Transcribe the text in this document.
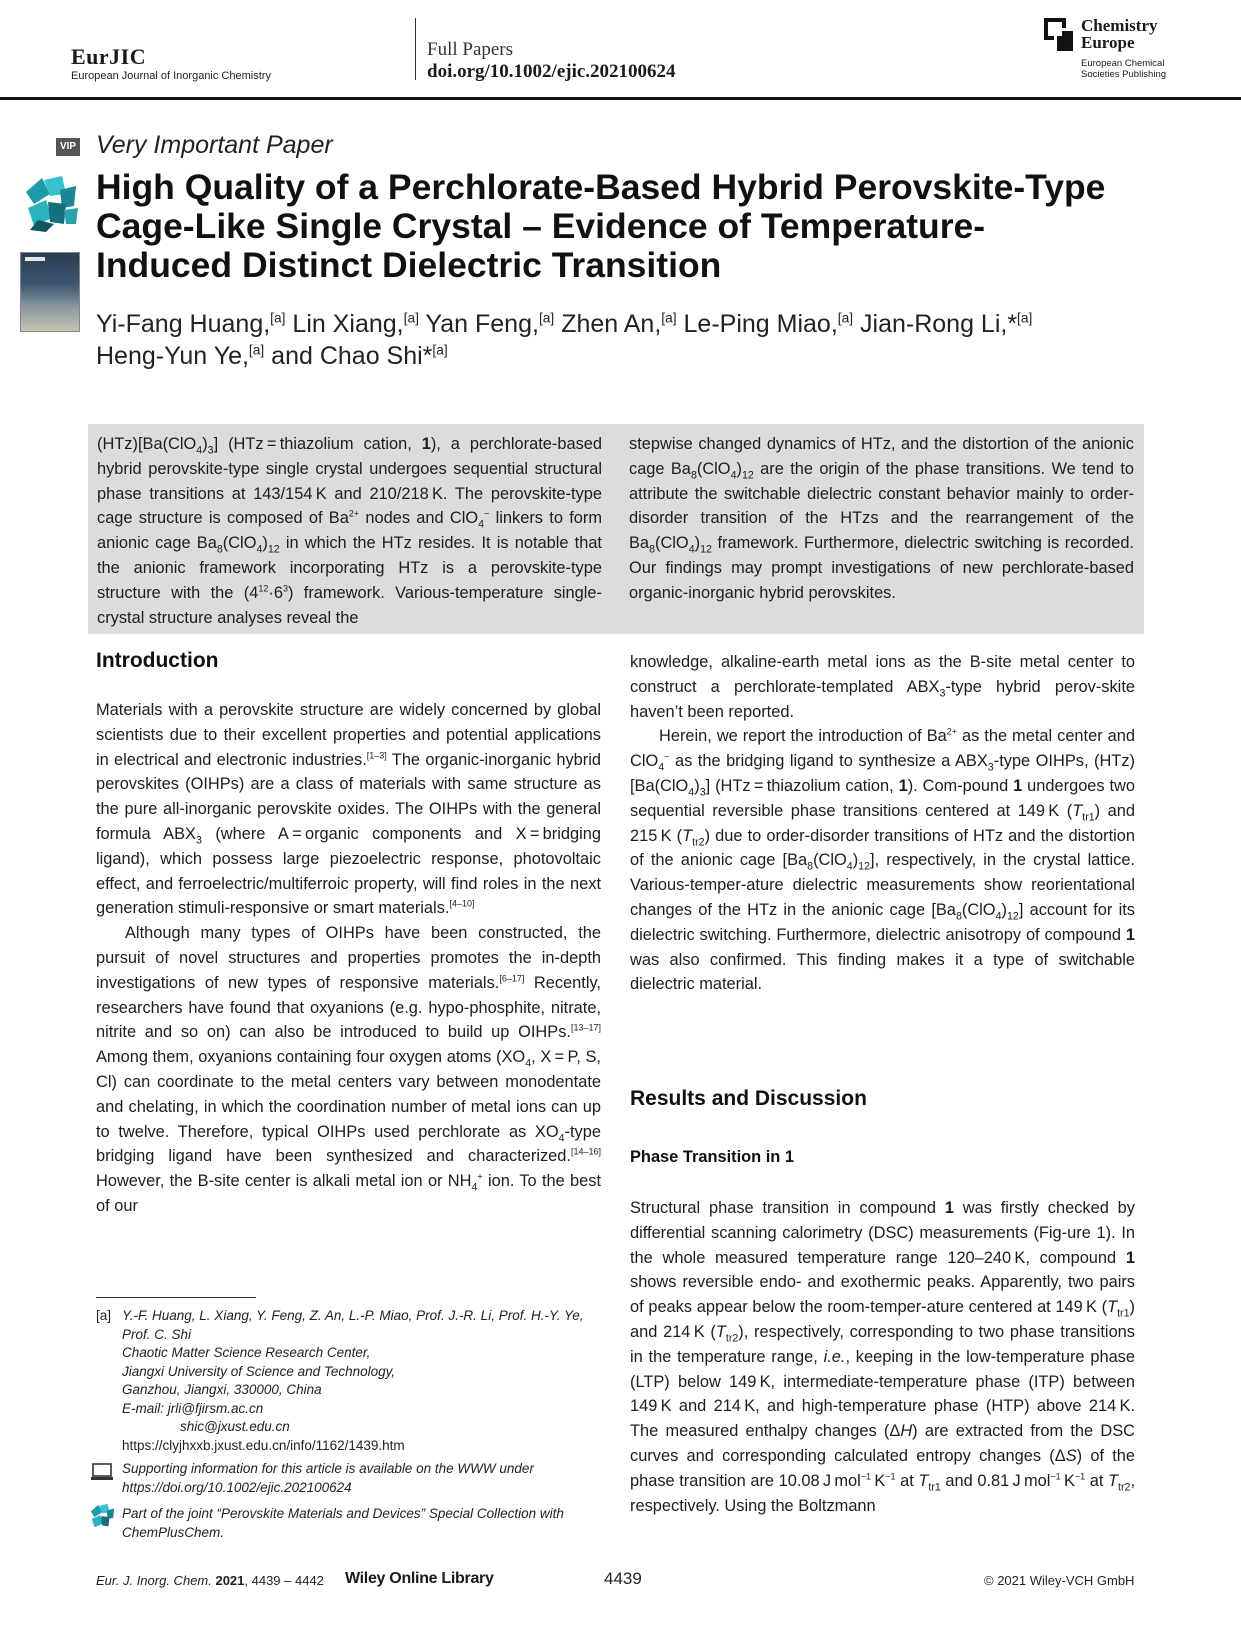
EurJIC
European Journal of Inorganic Chemistry
Full Papers
doi.org/10.1002/ejic.202100624
Chemistry
Europe
European Chemical
Societies Publishing
VIP Very Important Paper
High Quality of a Perchlorate-Based Hybrid Perovskite-Type
Cage-Like Single Crystal – Evidence of Temperature-
Induced Distinct Dielectric Transition
Yi-Fang Huang,[a] Lin Xiang,[a] Yan Feng,[a] Zhen An,[a] Le-Ping Miao,[a] Jian-Rong Li,*[a]
Heng-Yun Ye,[a] and Chao Shi*[a]
$(HTz)[Ba(ClO_4)_3] (HTz$ = thiazolium cation, 1), a perchlorate-based hybrid perovskite-type single crystal undergoes sequential structural phase transitions at 143/154 K and 210/218 K. The perovskite-type cage structure is composed of $Ba^{2+}$ nodes and ClO$_4$− linkers to form anionic cage $Ba_8(ClO_4)_{12}$ in which the HTz resides. It is notable that the anionic framework incorporating HTz is a perovskite-type structure with the $(4^{12}\cdot 6^3)$ framework. Various-temperature single-crystal structure analyses reveal the
stepwise changed dynamics of HTz, and the distortion of the anionic cage $Ba_8(ClO_4)_{12}$ are the origin of the phase transitions. We tend to attribute the switchable dielectric constant behavior mainly to order-disorder transition of the HTzs and the rearrangement of the $Ba_8(ClO_4)_{12}$ framework. Furthermore, dielectric switching is recorded. Our findings may prompt investigations of new perchlorate-based organic-inorganic hybrid perovskites.
Introduction

Materials with a perovskite structure are widely concerned by global scientists due to their excellent properties and potential applications in electrical and electronic industries.[1–3] The organic-inorganic hybrid perovskites (OIHPs) are a class of materials with same structure as the pure all-inorganic perovskite oxides. The OIHPs with the general formula $ABX_3$ (where A = organic components and X = bridging ligand), which possess large piezoelectric response, photovoltaic effect, and ferroelectric/multiferroic property, will find roles in the next generation stimuli-responsive or smart materials.[4–10]

Although many types of OIHPs have been constructed, the pursuit of novel structures and properties promotes the in-depth investigations of new types of responsive materials.[6–17] Recently, researchers have found that oxyanions (e.g. hypo-phosphite, nitrate, nitrite and so on) can also be introduced to build up OIHPs.[13–17] Among them, oxyanions containing four oxygen atoms ($XO_4$, X = P, S, Cl) can coordinate to the metal centers vary between monodentate and chelating, in which the coordination number of metal ions can up to twelve. Therefore, typical OIHPs used perchlorate as $XO_4$-type bridging ligand have been synthesized and characterized.[14–16] However, the B-site center is alkali metal ion or $NH_4^+$ ion. To the best of our

[a] Y.-F. Huang, L. Xiang, Y. Feng, Z. An, L.-P. Miao, Prof. J.-R. Li, Prof. H.-Y. Ye,
Prof. C. Shi
Chaotic Matter Science Research Center,
Jiangxi University of Science and Technology,
Ganzhou, Jiangxi, 330000, China
E-mail: jrli@fjirsm.ac.cn
shic@jxust.edu.cn
https://clyjhxxb.jxust.edu.cn/info/1162/1439.htm
Supporting information for this article is available on the WWW under https://doi.org/10.1002/ejic.202100624
Part of the joint “Perovskite Materials and Devices” Special Collection with ChemPlusChem.

knowledge, alkaline-earth metal ions as the B-site metal center to construct a perchlorate-templated $ABX_3$-type hybrid perov-skite haven’t been reported.

Herein, we report the introduction of $Ba^{2+}$ as the metal center and ClO$_4$− as the bridging ligand to synthesize a $ABX_3$-type OIHPs, $(HTz)[Ba(ClO_4)_3] (HTz$ = thiazolium cation, 1). Com-pound 1 undergoes two sequential reversible phase transitions centered at 149 K $(T_{tr1})$ and 215 K $(T_{tr2})$ due to order-disorder transitions of HTz and the distortion of the anionic cage $[Ba_8(ClO_4)_{12}]$, respectively, in the crystal lattice. Various-temper-ature dielectric measurements show reorientational changes of the HTz in the anionic cage $[Ba_8(ClO_4)_{12}]$ account for its dielectric switching. Furthermore, dielectric anisotropy of compound 1 was also confirmed. This finding makes it a type of switchable dielectric material.

Results and Discussion
Phase Transition in 1

Structural phase transition in compound 1 was firstly checked by differential scanning calorimetry (DSC) measurements (Fig-ure 1). In the whole measured temperature range 120–240 K, compound 1 shows reversible endo- and exothermic peaks. Apparently, two pairs of peaks appear below the room-temper-ature centered at 149 K $(T_{tr1})$ and 214 K $(T_{tr2})$, respectively, corresponding to two phase transitions in the temperature range, i.e., keeping in the low-temperature phase (LTP) below 149 K, intermediate-temperature phase (ITP) between 149 K and 214 K, and high-temperature phase (HTP) above 214 K. The measured enthalpy changes (ΔH) are extracted from the DSC curves and corresponding calculated entropy changes (ΔS) of the phase transition are 10.08 J mol$^{-1}$ $K^{-1}$ at $T_{tr1}$ and 0.81 J mol$^{-1}$ $K^{-1}$ at $T_{tr2}$, respectively. Using the Boltzmann

Eur. J. Inorg. Chem. 2021, 4439 – 4442 Wiley Online Library	4439	© 2021 Wiley-VCH GmbH
